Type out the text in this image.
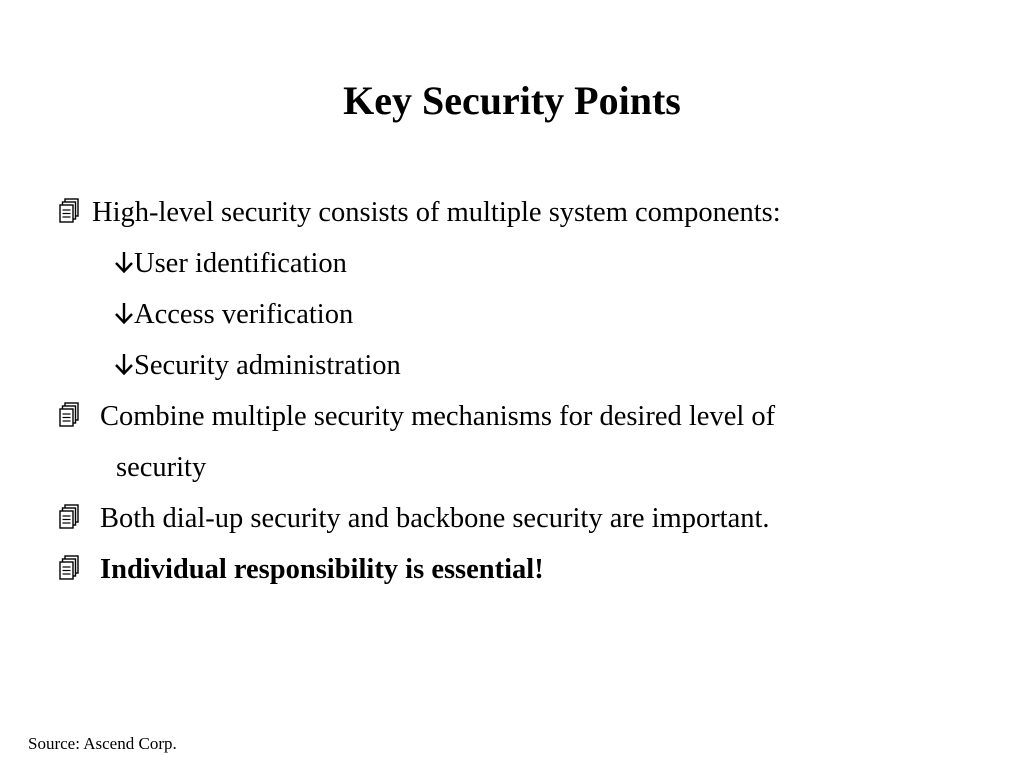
Key Security Points
High-level security consists of multiple system components:
User identification
Access verification
Security administration
Combine multiple security mechanisms for desired level of
security
Both dial-up security and backbone security are important.
Individual responsibility is essential!
Source: Ascend Corp.
